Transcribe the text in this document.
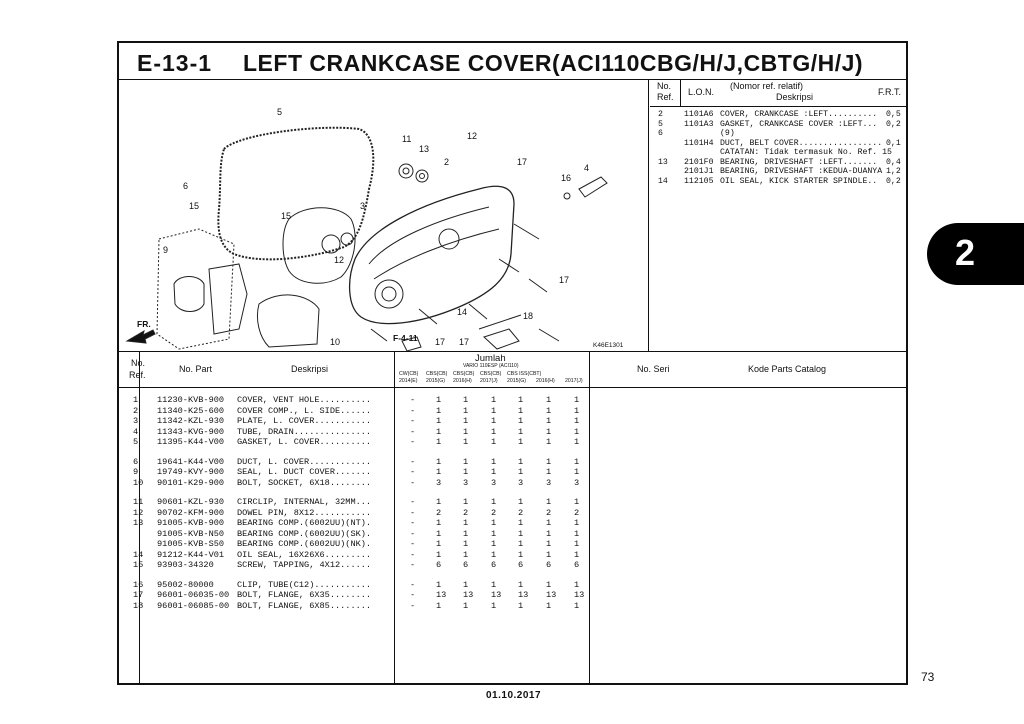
E-13-1 LEFT CRANKCASE COVER(ACI110CBG/H/J,CBTG/H/J)
5
11
13
12
2	17
16
4
6
3
15
15
17
9
12
14	18
10	17 17
FR.
F-4-11
K46E1301
No.
Ref. L.O.N.
(Nomor ref. relatif)
Deskripsi	F.R.T.
2	1101A6 COVER, CRANKCASE :LEFT.......... 0,5
5	1101A3 GASKET, CRANKCASE COVER :LEFT... 0,2
6	(9)
1101H4 DUCT, BELT COVER................. 0,1
CATATAN: Tidak termasuk No. Ref. 15
13 2101F0 BEARING, DRIVESHAFT :LEFT....... 0,4
2101J1 BEARING, DRIVESHAFT :KEDUA-DUANYA 1,2
14 112105 OIL SEAL, KICK STARTER SPINDLE.. 0,2
No.
Ref.
No. Part	Deskripsi
Jumlah
VARIO 110ESP (ACI110)	No. Seri	Kode Parts Catalog
CW(CB)
2014(E)
CBS(CB)
2015(G)
CBS(CB)
2016(H)
CBS(CB)
2017(J)
CBS ISS(CBT)
2015(G) 2016(H) 2017(J)
1 11230-KVB-900 COVER, VENT HOLE..........	- 1	1	1	1	1	1
2 11340-K25-600 COVER COMP., L. SIDE......	- 1	1	1	1	1	1
3 11342-KZL-930 PLATE, L. COVER...........	- 1	1	1	1	1	1
4 11343-KVG-900 TUBE, DRAIN...............	- 1	1	1	1	1	1
5 11395-K44-V00 GASKET, L. COVER..........	- 1	1	1	1	1	1
6 19641-K44-V00 DUCT, L. COVER............	- 1	1	1	1	1	1
9 19749-KVY-900 SEAL, L. DUCT COVER.......	- 1	1	1	1	1	1
10 90101-K29-900 BOLT, SOCKET, 6X18........	- 3	3	3	3	3	3
11 90601-KZL-930 CIRCLIP, INTERNAL, 32MM...	- 1	1	1	1	1	1
12 90702-KFM-900 DOWEL PIN, 8X12...........	- 2	2	2	2	2	2
13 91005-KVB-900 BEARING COMP.(6002UU)(NT).	- 1	1	1	1	1	1
91005-KVB-N50 BEARING COMP.(6002UU)(SK).	- 1	1	1	1	1	1
91005-KVB-S50 BEARING COMP.(6002UU)(NK).	- 1	1	1	1	1	1
14 91212-K44-V01 OIL SEAL, 16X26X6.........	- 1	1	1	1	1	1
15 93903-34320	SCREW, TAPPING, 4X12......	- 6	6	6	6	6	6
16 95002-80000	CLIP, TUBE(C12)...........	- 1	1	1	1	1	1
17 96001-06035-00 BOLT, FLANGE, 6X35........	- 13 13 13 13 13 13
18 96001-06085-00 BOLT, FLANGE, 6X85........	- 1	1	1	1	1	1
2
73
01.10.2017
